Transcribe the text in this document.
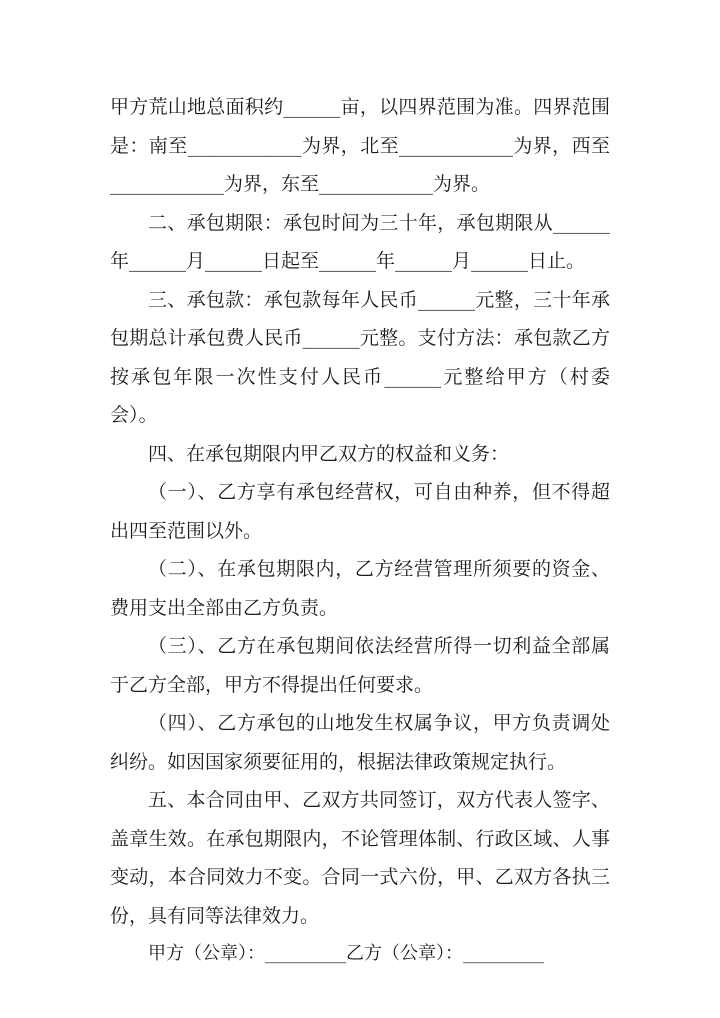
甲方荒山地总面积约______亩，以四界范围为准。四界范围是：南至____________为界，北至____________为界，西至____________为界，东至____________为界。

二、承包期限：承包时间为三十年，承包期限从______年______月______日起至______年______月______日止。

三、承包款：承包款每年人民币______元整，三十年承包期总计承包费人民币______元整。支付方法：承包款乙方按承包年限一次性支付人民币______元整给甲方（村委会）。

四、在承包期限内甲乙双方的权益和义务：

（一）、乙方享有承包经营权，可自由种养，但不得超出四至范围以外。

（二）、在承包期限内，乙方经营管理所须要的资金、费用支出全部由乙方负责。

（三）、乙方在承包期间依法经营所得一切利益全部属于乙方全部，甲方不得提出任何要求。

（四）、乙方承包的山地发生权属争议，甲方负责调处纠纷。如因国家须要征用的，根据法律政策规定执行。

五、本合同由甲、乙双方共同签订，双方代表人签字、盖章生效。在承包期限内，不论管理体制、行政区域、人事变动，本合同效力不变。合同一式六份，甲、乙双方各执三份，具有同等法律效力。

甲方（公章）：_________乙方（公章）：_________
